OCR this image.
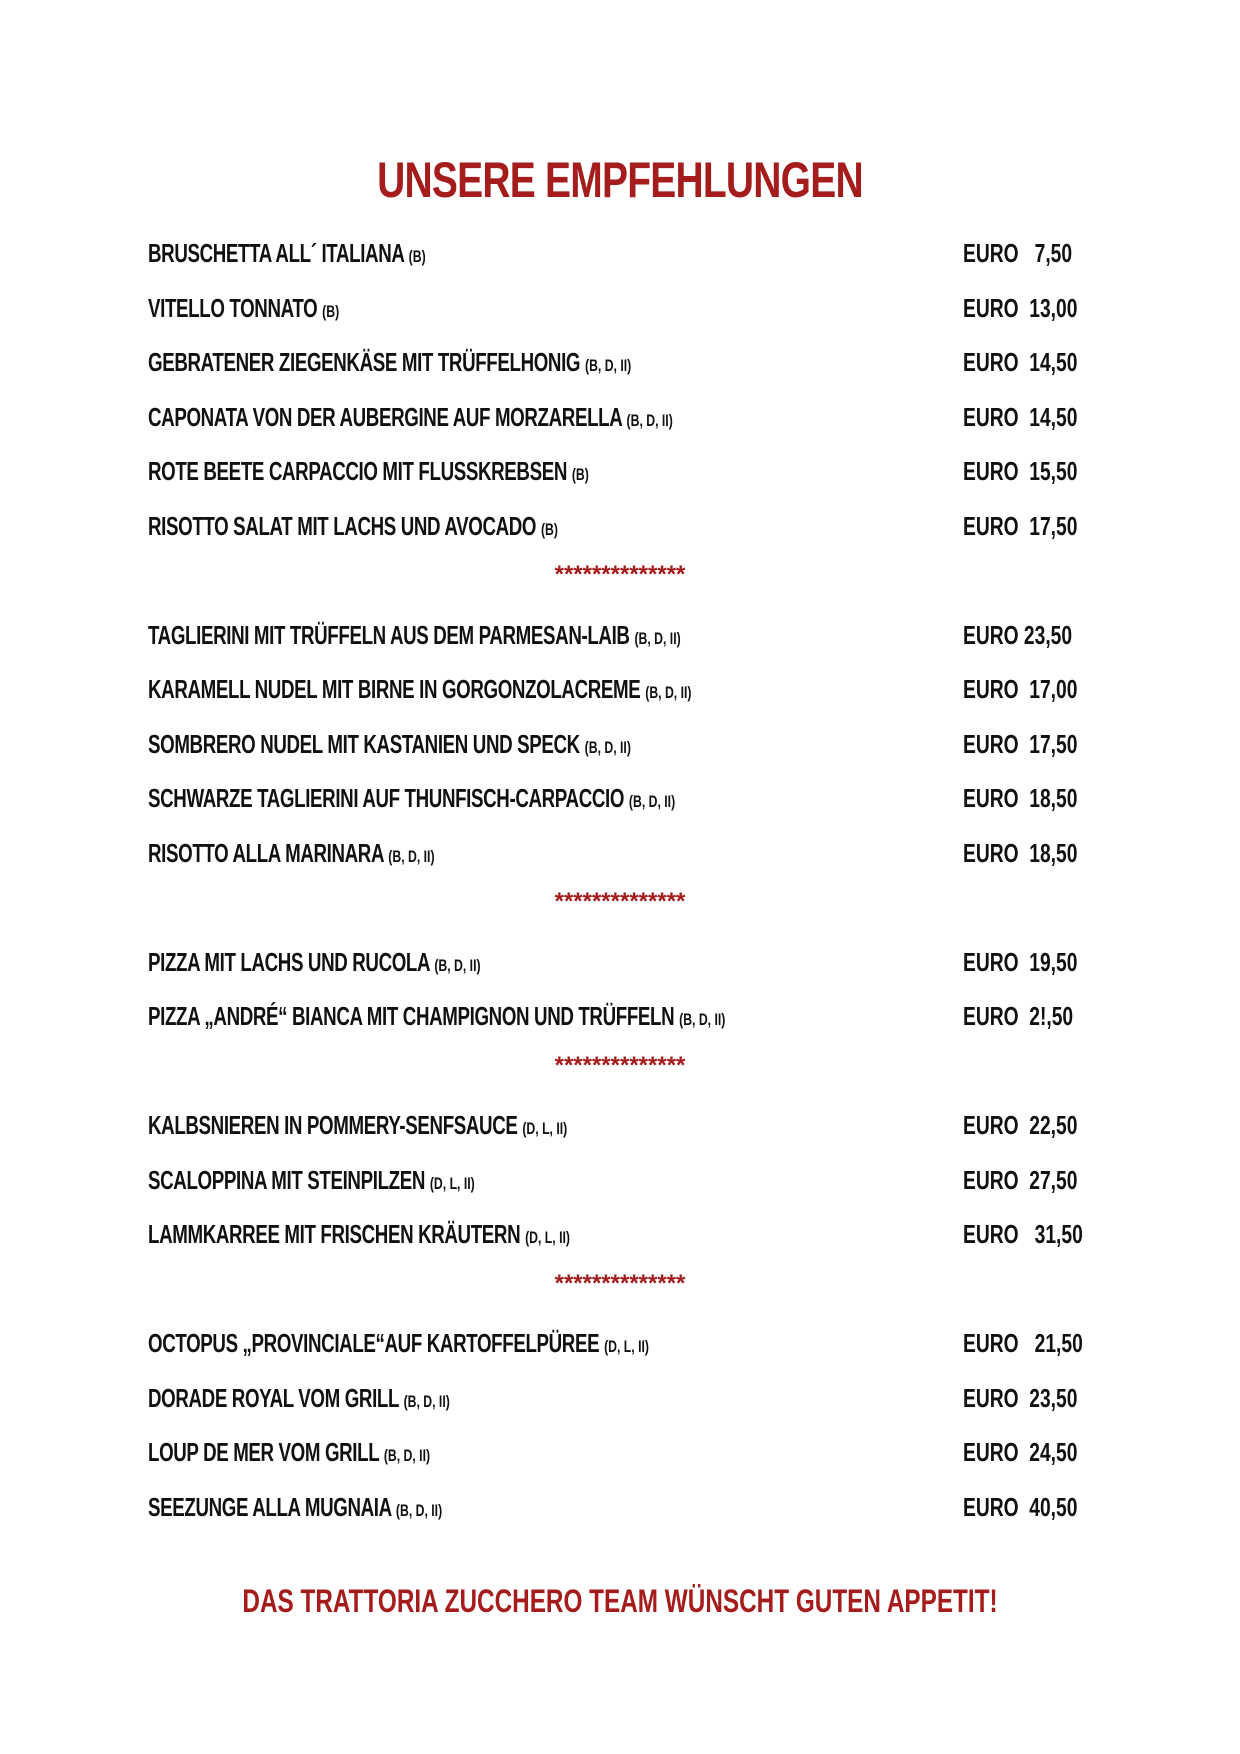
UNSERE EMPFEHLUNGEN
BRUSCHETTA ALL´ ITALIANA (B)	EURO   7,50
VITELLO TONNATO (B)	EURO  13,00
GEBRATENER ZIEGENKÄSE MIT TRÜFFELHONIG (B, D, II)	EURO  14,50
CAPONATA VON DER AUBERGINE AUF MORZARELLA (B, D, II)	EURO  14,50
ROTE BEETE CARPACCIO MIT FLUSSKREBSEN (B)	EURO  15,50
RISOTTO SALAT MIT LACHS UND AVOCADO (B)	EURO  17,50
**************
TAGLIERINI MIT TRÜFFELN AUS DEM PARMESAN-LAIB (B, D, II)	EURO 23,50
KARAMELL NUDEL MIT BIRNE IN GORGONZOLACREME (B, D, II)	EURO  17,00
SOMBRERO NUDEL MIT KASTANIEN UND SPECK (B, D, II)	EURO  17,50
SCHWARZE TAGLIERINI AUF THUNFISCH-CARPACCIO (B, D, II)	EURO  18,50
RISOTTO ALLA MARINARA (B, D, II)	EURO  18,50
**************
PIZZA MIT LACHS UND RUCOLA (B, D, II)	EURO  19,50
PIZZA „ANDRÉ“ BIANCA MIT CHAMPIGNON UND TRÜFFELN (B, D, II)	EURO  2!,50
**************
KALBSNIEREN IN POMMERY-SENFSAUCE (D, L, II)	EURO  22,50
SCALOPPINA MIT STEINPILZEN (D, L, II)	EURO  27,50
LAMMKARREE MIT FRISCHEN KRÄUTERN (D, L, II)	EURO   31,50
**************
OCTOPUS „PROVINCIALE“AUF KARTOFFELPÜREE (D, L, II)	EURO   21,50
DORADE ROYAL VOM GRILL (B, D, II)	EURO  23,50
LOUP DE MER VOM GRILL (B, D, II)	EURO  24,50
SEEZUNGE ALLA MUGNAIA (B, D, II)	EURO  40,50
DAS TRATTORIA ZUCCHERO TEAM WÜNSCHT GUTEN APPETIT!
